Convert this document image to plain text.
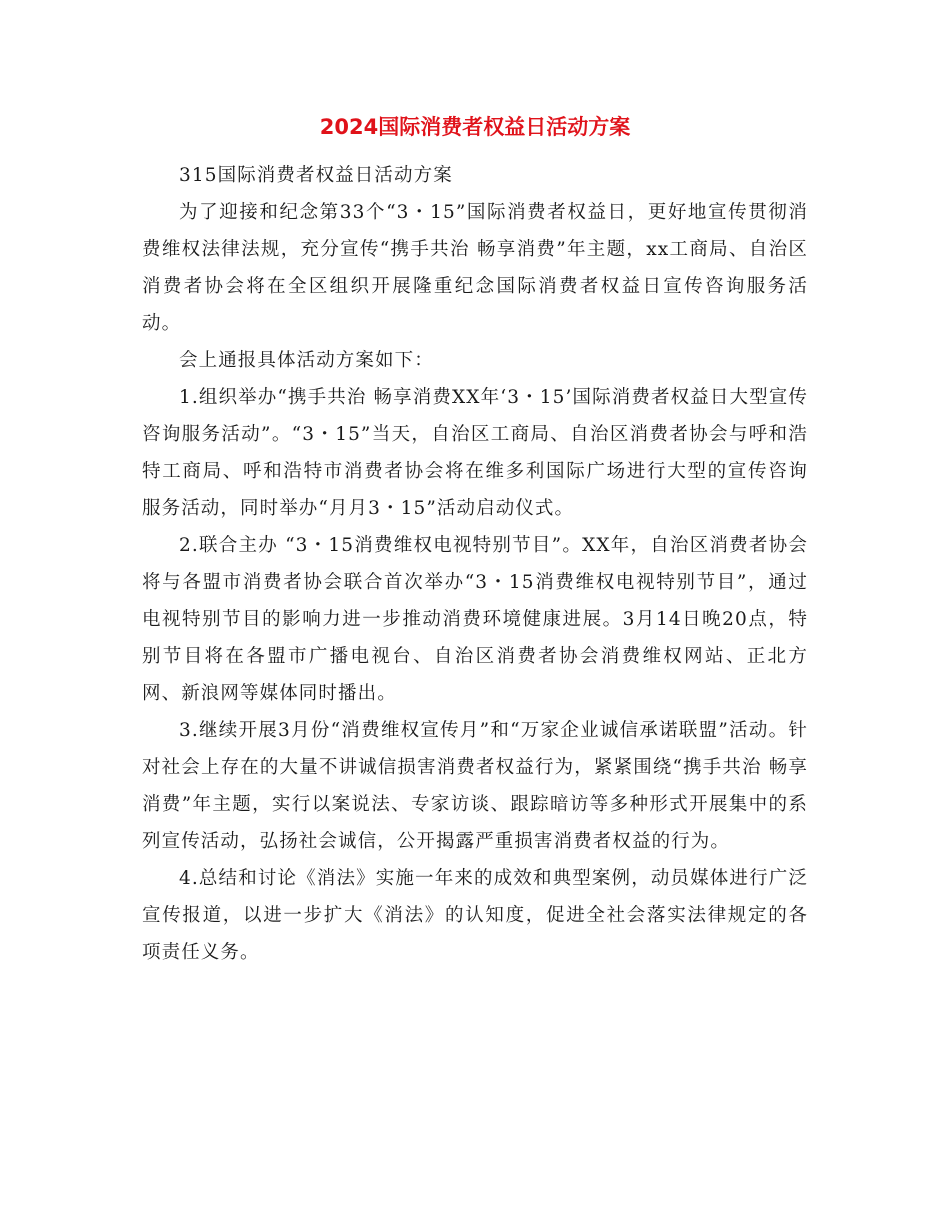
2024国际消费者权益日活动方案

315国际消费者权益日活动方案

为了迎接和纪念第33个“3・15”国际消费者权益日，更好地宣传贯彻消费维权法律法规，充分宣传“携手共治 畅享消费”年主题，xx工商局、自治区消费者协会将在全区组织开展隆重纪念国际消费者权益日宣传咨询服务活动。

会上通报具体活动方案如下：

1.组织举办“携手共治 畅享消费XX年‘3・15’国际消费者权益日大型宣传咨询服务活动”。“3・15”当天，自治区工商局、自治区消费者协会与呼和浩特工商局、呼和浩特市消费者协会将在维多利国际广场进行大型的宣传咨询服务活动，同时举办“月月3・15”活动启动仪式。

2.联合主办 “3・15消费维权电视特别节目”。XX年，自治区消费者协会将与各盟市消费者协会联合首次举办“3・15消费维权电视特别节目”，通过电视特别节目的影响力进一步推动消费环境健康进展。3月14日晚20点，特别节目将在各盟市广播电视台、自治区消费者协会消费维权网站、正北方网、新浪网等媒体同时播出。

3.继续开展3月份“消费维权宣传月”和“万家企业诚信承诺联盟”活动。针对社会上存在的大量不讲诚信损害消费者权益行为，紧紧围绕“携手共治 畅享消费”年主题，实行以案说法、专家访谈、跟踪暗访等多种形式开展集中的系列宣传活动，弘扬社会诚信，公开揭露严重损害消费者权益的行为。

4.总结和讨论《消法》实施一年来的成效和典型案例，动员媒体进行广泛宣传报道，以进一步扩大《消法》的认知度，促进全社会落实法律规定的各项责任义务。
